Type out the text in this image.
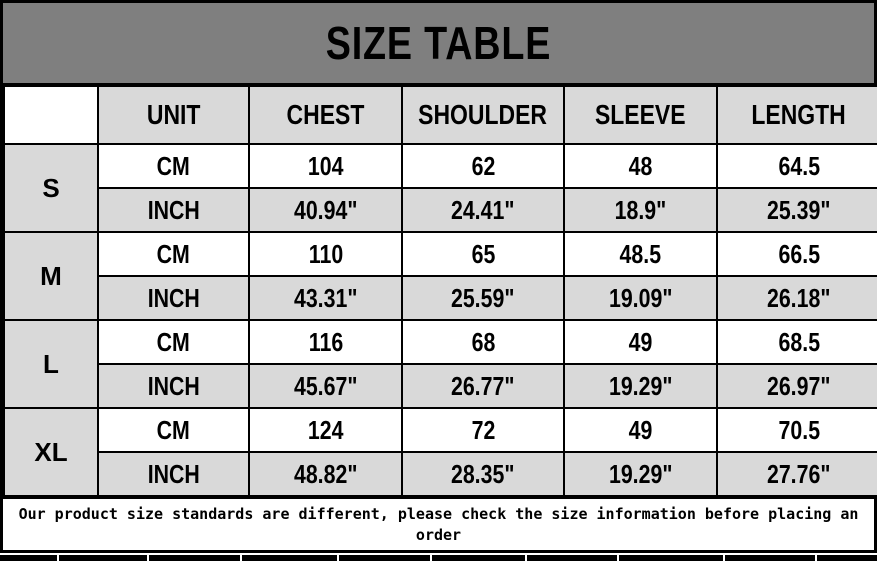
SIZE TABLE
	UNIT	CHEST	SHOULDER	SLEEVE	LENGTH
S	CM	104	62	48	64.5
	INCH	40.94"	24.41"	18.9"	25.39"
M	CM	110	65	48.5	66.5
	INCH	43.31"	25.59"	19.09"	26.18"
L	CM	116	68	49	68.5
	INCH	45.67"	26.77"	19.29"	26.97"
XL	CM	124	72	49	70.5
	INCH	48.82"	28.35"	19.29"	27.76"
Our product size standards are different, please check the size information before placing an order
